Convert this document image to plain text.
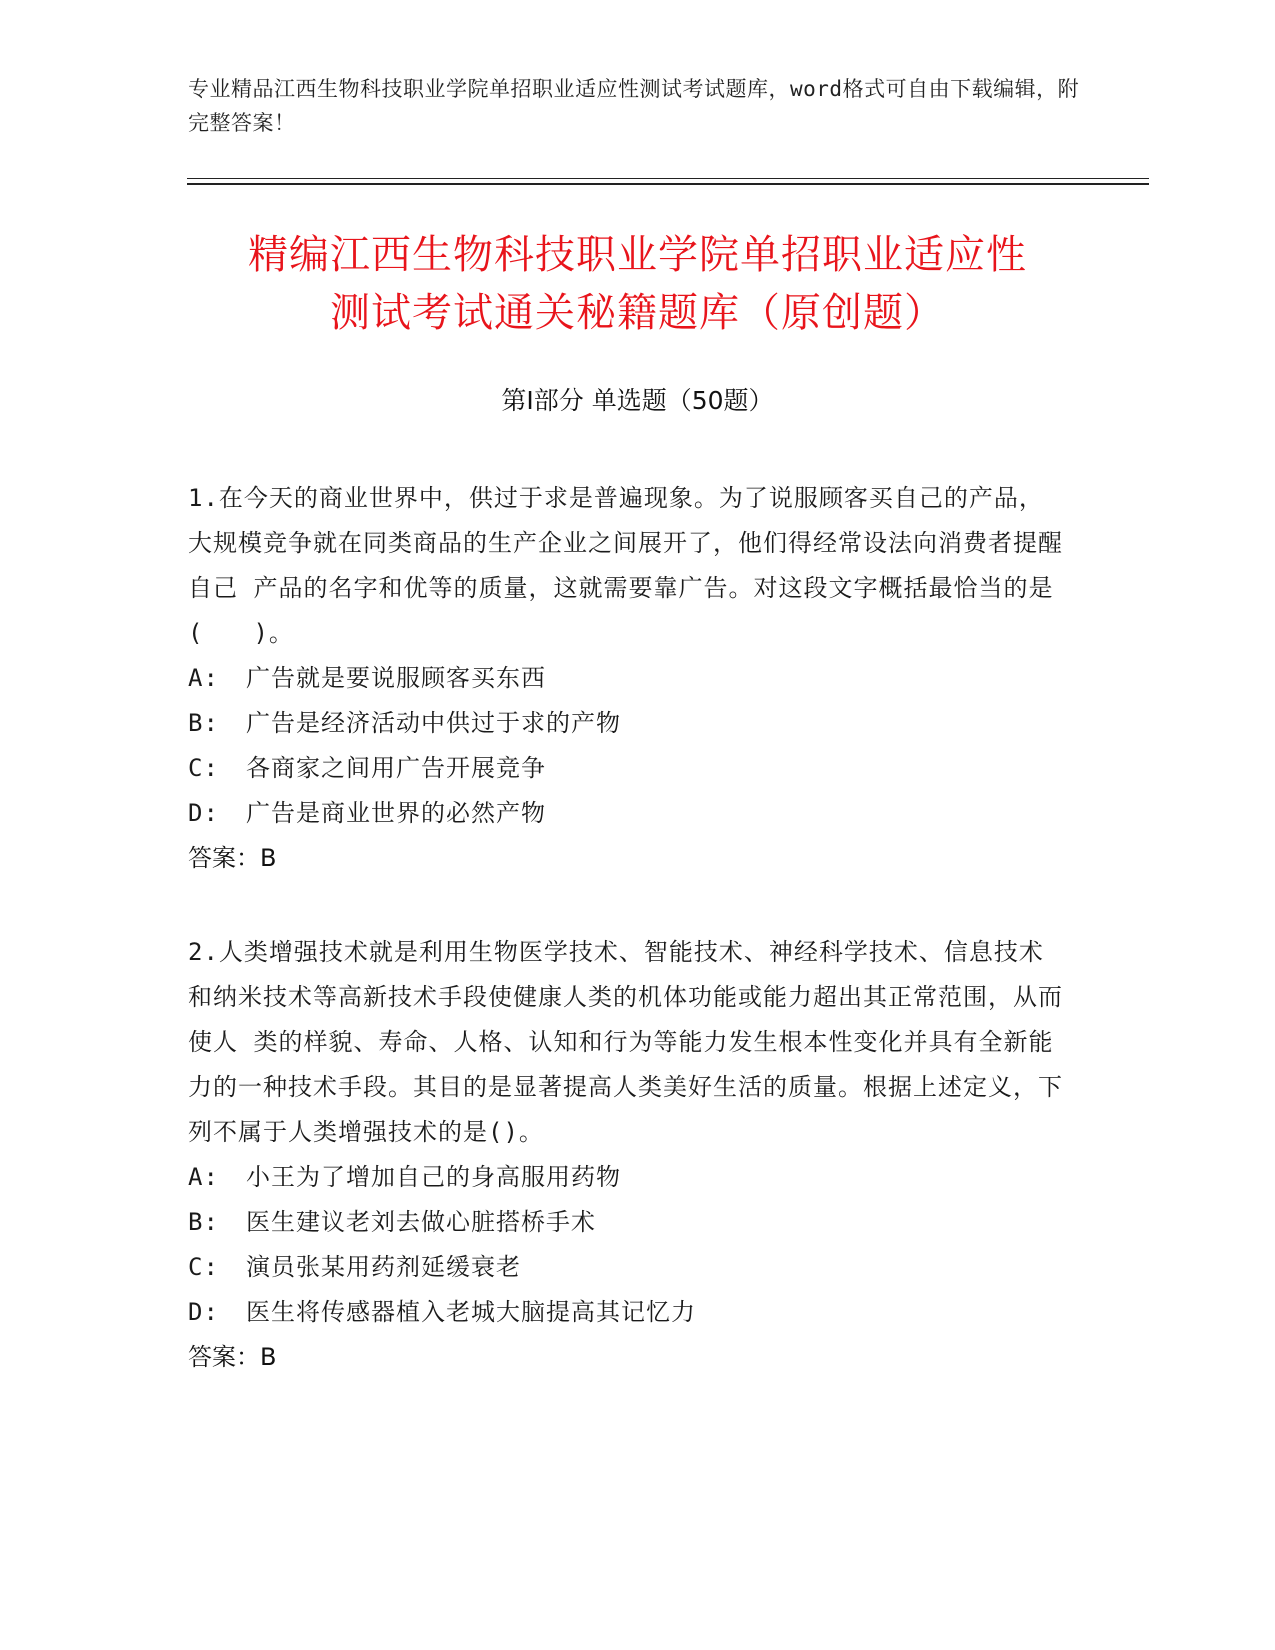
专业精品江西生物科技职业学院单招职业适应性测试考试题库，word格式可自由下载编辑，附完整答案！
精编江西生物科技职业学院单招职业适应性
测试考试通关秘籍题库（原创题）
第Ⅰ部分 单选题（50题）
1.在今天的商业世界中，供过于求是普遍现象。为了说服顾客买自己的产品， 大规模竞争就在同类商品的生产企业之间展开了，他们得经常设法向消费者提醒自己 产品的名字和优等的质量，这就需要靠广告。对这段文字概括最恰当的是(　　)。
A:	广告就是要说服顾客买东西
B:	广告是经济活动中供过于求的产物
C:	各商家之间用广告开展竞争
D:	广告是商业世界的必然产物
答案：B
2.人类增强技术就是利用生物医学技术、智能技术、神经科学技术、信息技术和纳米技术等高新技术手段使健康人类的机体功能或能力超出其正常范围，从而使人 类的样貌、寿命、人格、认知和行为等能力发生根本性变化并具有全新能力的一种技术手段。其目的是显著提高人类美好生活的质量。根据上述定义，下列不属于人类增强技术的是()。
A:	小王为了增加自己的身高服用药物
B:	医生建议老刘去做心脏搭桥手术
C:	演员张某用药剂延缓衰老
D:	医生将传感器植入老城大脑提高其记忆力
答案：B
